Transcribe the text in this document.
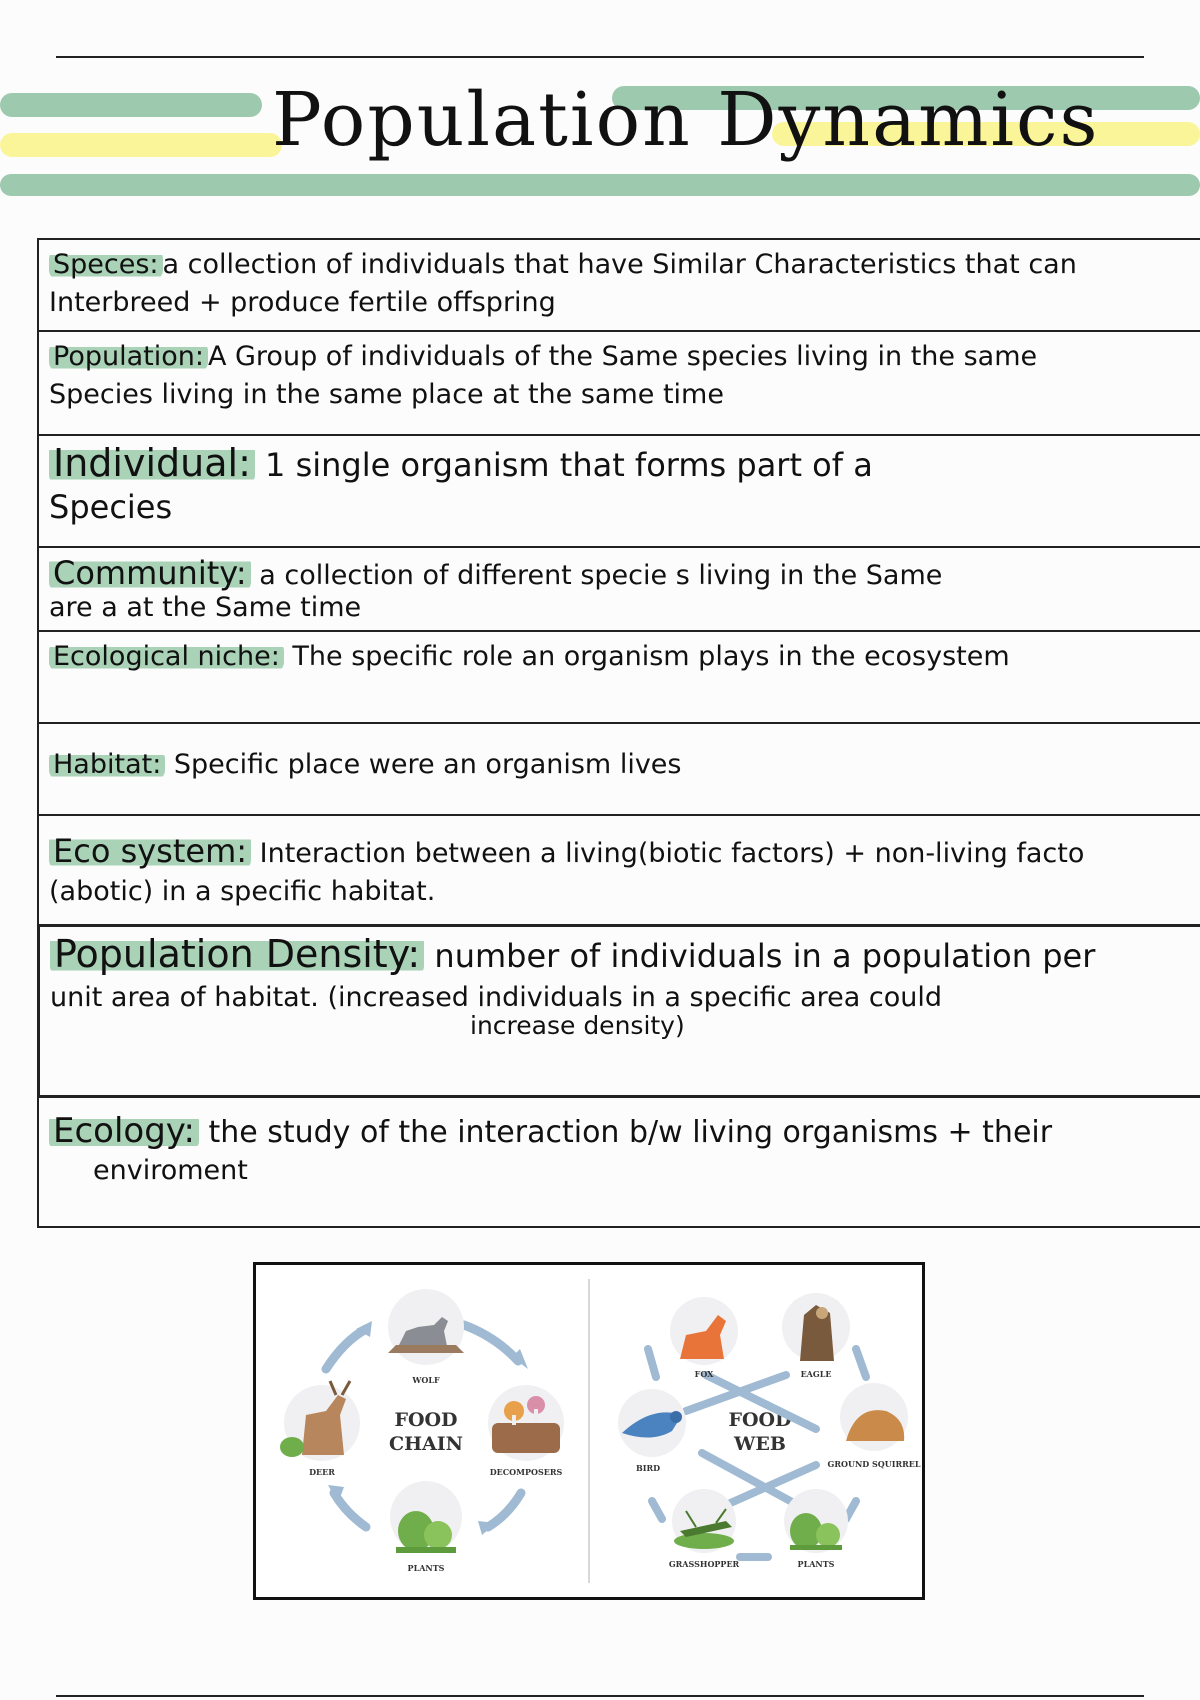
Population Dynamics

Speces: a collection of individuals that have Similar Characteristics that can

Interbreed + produce fertile offspring

Population: A Group of individuals of the Same species living in the same

Species living in the same place at the same time

Individual: 1 single organism that forms part of a

Species

Community: a collection of different specie s living in the Same

are a at the Same time

Ecological niche: The specific role an organism plays in the ecosystem

Habitat: Specific place were an organism lives

Eco system: Interaction between a living(biotic factors) + non-living facto

(abotic) in a specific habitat.

Population Density: number of individuals in a population per

unit area of habitat. (increased individuals in a specific area could

increase density)

Ecology: the study of the interaction b/w living organisms + their

enviroment

FOOD
CHAIN
WOLF
DECOMPOSERS
PLANTS
DEER
FOOD
WEB
FOX	EAGLE
BIRD	GROUND SQUIRREL
GRASSHOPPER	PLANTS
